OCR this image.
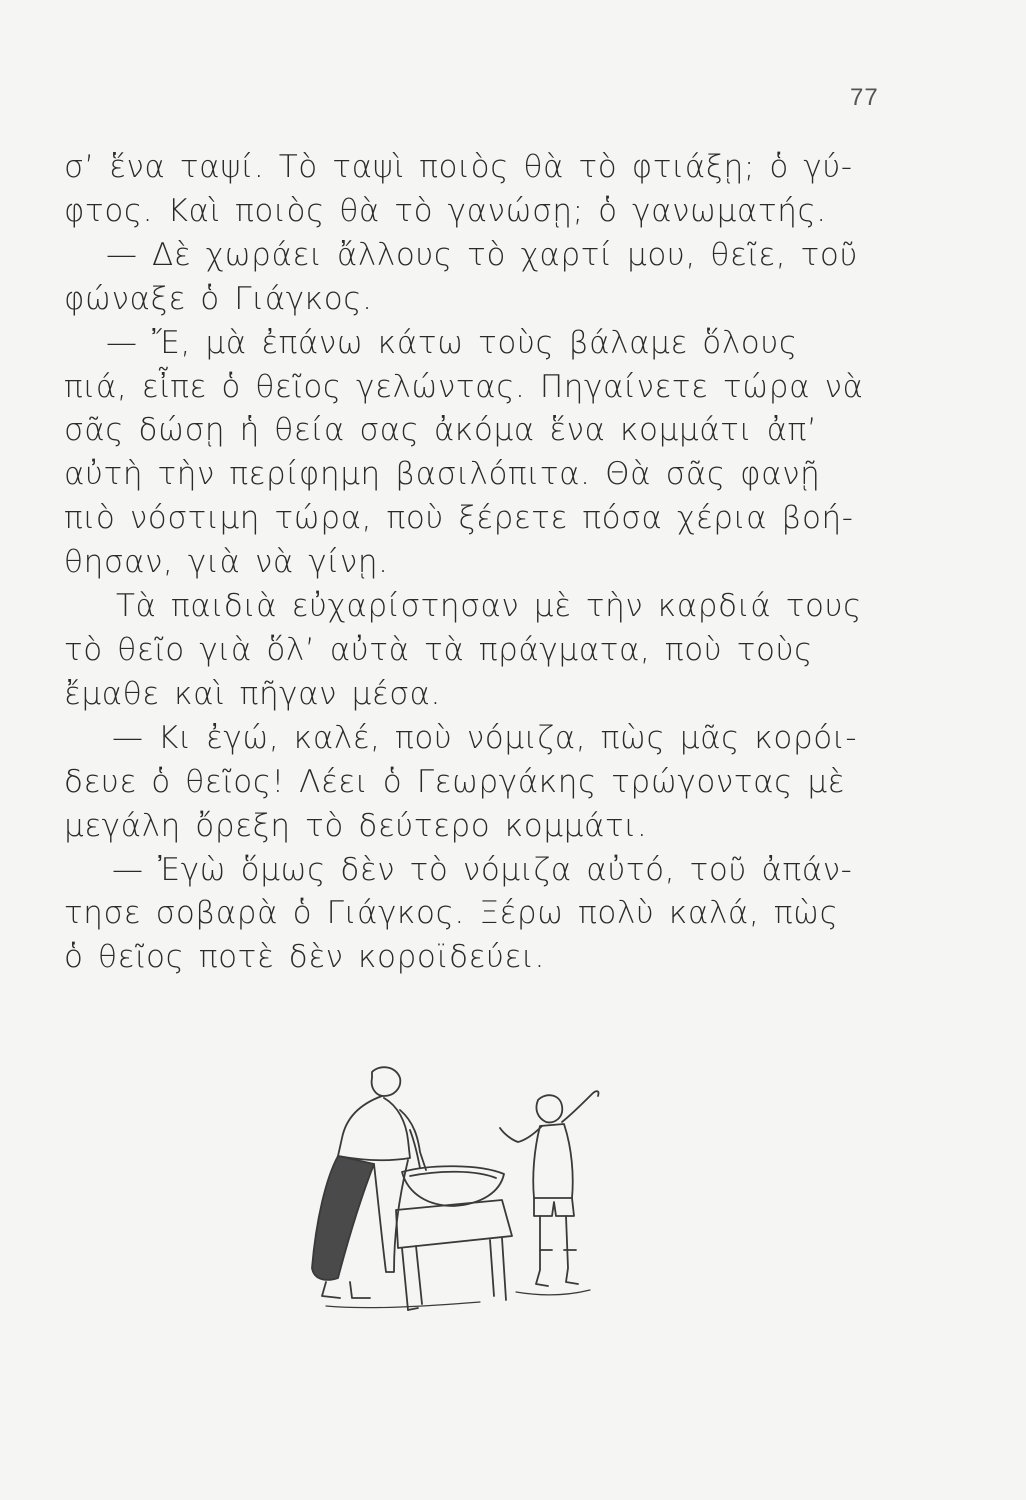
77
σ’ ἕνα ταψί. Τὸ ταψὶ ποιὸς θὰ τὸ φτιάξῃ; ὁ γύ-
φτος. Καὶ ποιὸς θὰ τὸ γανώσῃ; ὁ γανωματής.
— Δὲ χωράει ἄλλους τὸ χαρτί μου, θεῖε, τοῦ
φώναξε ὁ Γιάγκος.
— Ἔ, μὰ ἐπάνω κάτω τοὺς βάλαμε ὅλους
πιά, εἶπε ὁ θεῖος γελώντας. Πηγαίνετε τώρα νὰ
σᾶς δώσῃ ἡ θεία σας ἀκόμα ἕνα κομμάτι ἀπ’
αὐτὴ τὴν περίφημη βασιλόπιτα. Θὰ σᾶς φανῇ
πιὸ νόστιμη τώρα, ποὺ ξέρετε πόσα χέρια βοή-
θησαν, γιὰ νὰ γίνῃ.
Τὰ παιδιὰ εὐχαρίστησαν μὲ τὴν καρδιά τους
τὸ θεῖο γιὰ ὅλ’ αὐτὰ τὰ πράγματα, ποὺ τοὺς
ἔμαθε καὶ πῆγαν μέσα.
— Κι ἐγώ, καλέ, ποὺ νόμιζα, πὼς μᾶς κορόι-
δευε ὁ θεῖος! Λέει ὁ Γεωργάκης τρώγοντας μὲ
μεγάλη ὄρεξη τὸ δεύτερο κομμάτι.
— Ἐγὼ ὅμως δὲν τὸ νόμιζα αὐτό, τοῦ ἀπάν-
τησε σοβαρὰ ὁ Γιάγκος. Ξέρω πολὺ καλά, πὼς
ὁ θεῖος ποτὲ δὲν κοροϊδεύει.
